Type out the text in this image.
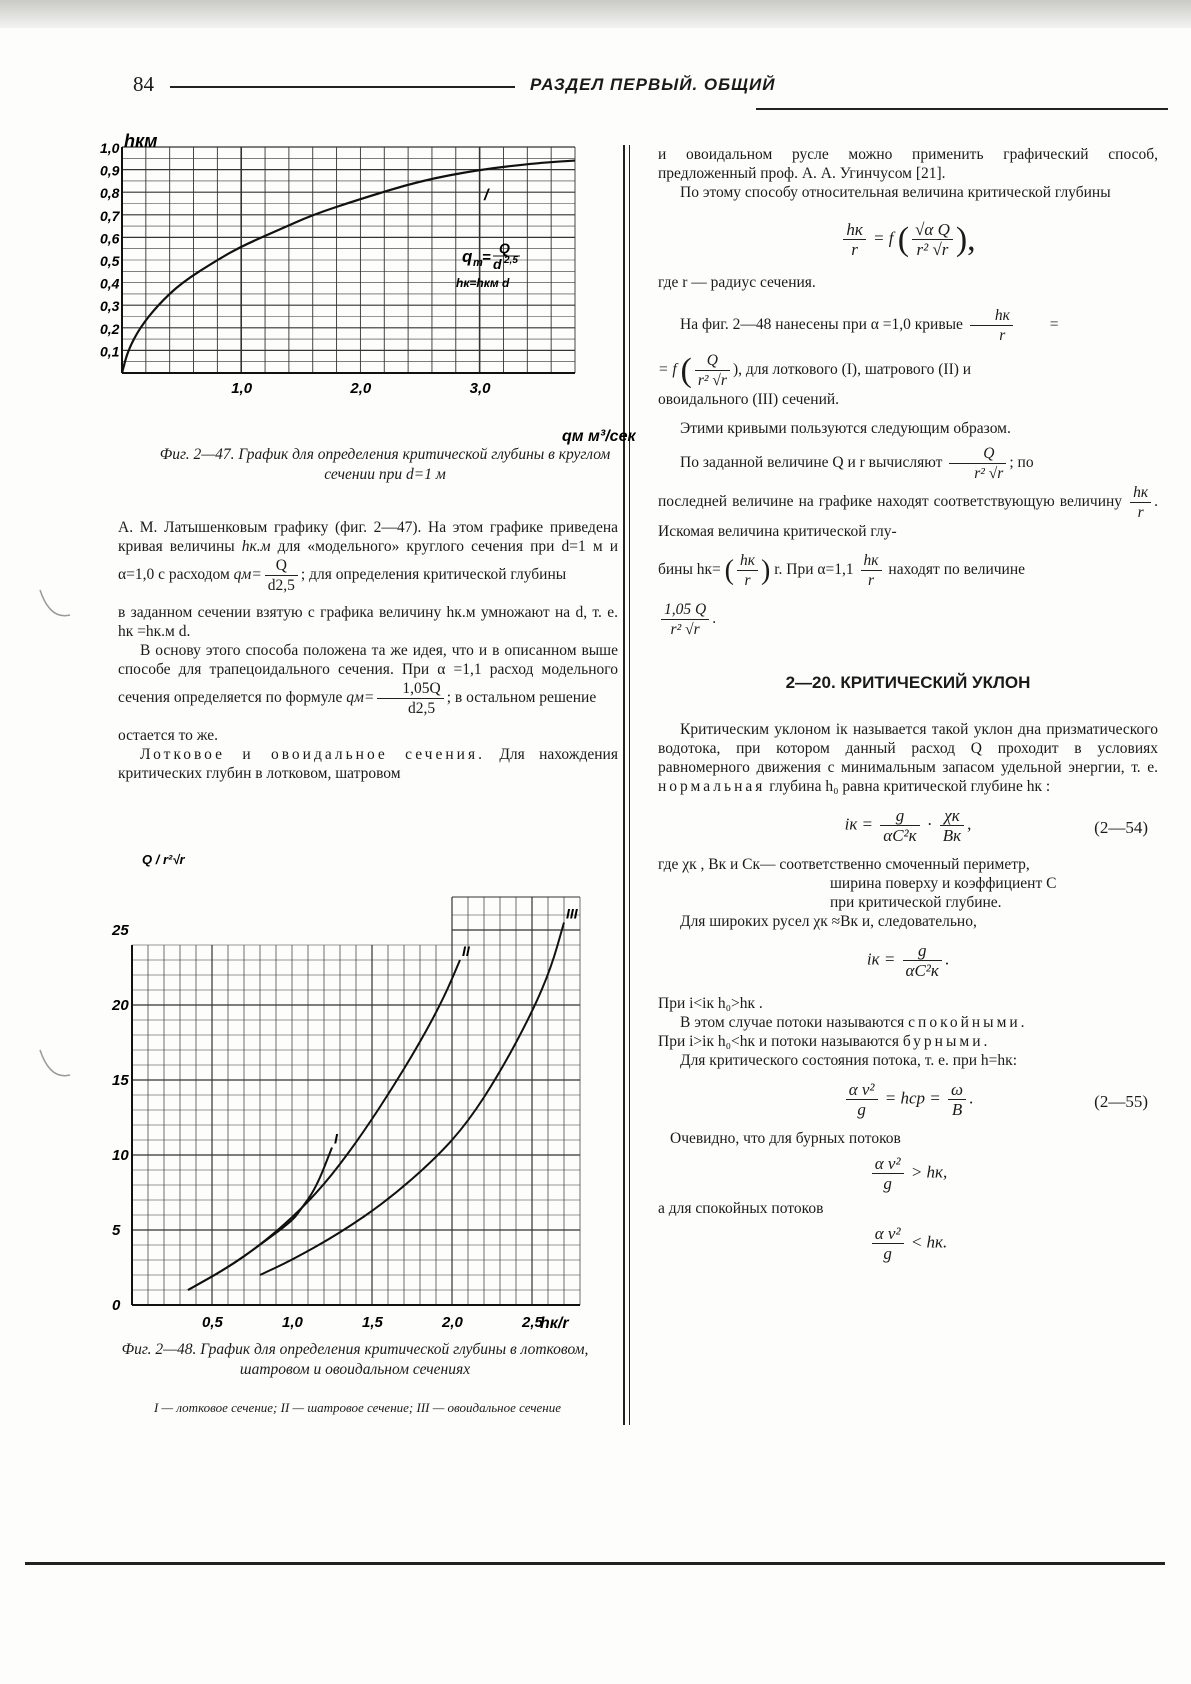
84	РАЗДЕЛ ПЕРВЫЙ. ОБЩИЙ
0,1
0,2
0,3
0,4
0,5
0,6
0,7
0,8
0,9
1,0
1,0	2,0	3,0
hкм
qм м³/сек
q m =
Q
d 2,5
hк=hкм d
/
Фиг. 2—47. График для определения критической глубины в круглом сечении при d=1 м

А. М. Латышенковым графику (фиг. 2—47). На этом графике приведена кривая величины hк.м для «модельного» круглого сечения при d=1 м и α=1,0 с расходом $qм= \frac{Q}{d2,5}$ ; для определения критической глубины

в заданном сечении взятую с графика величину hк.м умножают на d, т. е. hк =hк.м d.

В основу этого способа положена та же идея, что и в описанном выше способе для трапецоидального сечения. При α =1,1 расход модельного сечения определяется по формуле $qм= \frac{1,05Q}{d2,5}$ ; в остальном решение

остается то же.

Лотковое и овоидальное сечения. Для нахождения критических глубин в лотковом, шатровом

0
5
10
15
20
25
0,5	1,0	1,5	2,0	2,5
I
II
III
Q / r²√r
hк/r
Фиг. 2—48. График для определения критической глубины в лотковом, шатровом и овоидальном сечениях
I — лотковое сечение; II — шатровое сечение; III — овоидальное сечение

и овоидальном русле можно применить графический способ, предложенный проф. А. А. Угинчусом [21].

По этому способу относительная величина критической глубины

$\frac{hк}{r} = f$ ( $\frac{\text{√α Q}}{\text{r² √r}}$ ),

где r — радиус сечения.

На фиг. 2—48 нанесены при α =1,0 кривые $\frac{hк}{r}$ =

= f ( $\frac{Q}{\text{r² √r}}$ ), для лоткового (I), шатрового (II) и

овоидального (III) сечений.

Этими кривыми пользуются следующим образом.

По заданной величине Q и r вычисляют $\frac{Q}{\text{r² √r}}$ ; по

последней величине на графике находят соответствующую величину $\frac{hк}{r}$ . Искомая величина критической глу-

бины hк= ( $\frac{hк}{r}$ ) r. При $\alpha=1,1 \frac{hк}{r}$ находят по величине

$\frac{1,05 Q}{\text{r² √r}}$ .

2—20. КРИТИЧЕСКИЙ УКЛОН

Критическим уклоном iк называется такой уклон дна призматического водотока, при котором данный расход Q проходит в условиях равномерного движения с минимальным запасом удельной энергии, т. е. нормальная глубина h₀ равна критической глубине hк :

iк = $\frac{g}{\text{αC²к}} \cdot \frac{\chi к}{Bк}$ ,	(2—54)

где χк , Bк и Cк— соответственно смоченный периметр,

ширина поверху и коэффициент C

при критической глубине.

Для широких русел χк ≈Bк и, следовательно,

iк = $\frac{g}{\text{αC²к}}$ .

При i<iк h₀>hк .

В этом случае потоки называются спокойными.

При i>iк h₀<hк и потоки называются бурными.

Для критического состояния потока, т. е. при h=hк:

$\frac{\text{α v²}}{g}$ = hср = $\frac{\omega}{B}$ .	(2—55)

Очевидно, что для бурных потоков

$\frac{\text{α v²}}{g}$ > hк,

а для спокойных потоков

$\frac{\text{α v²}}{g}$ < hк.
